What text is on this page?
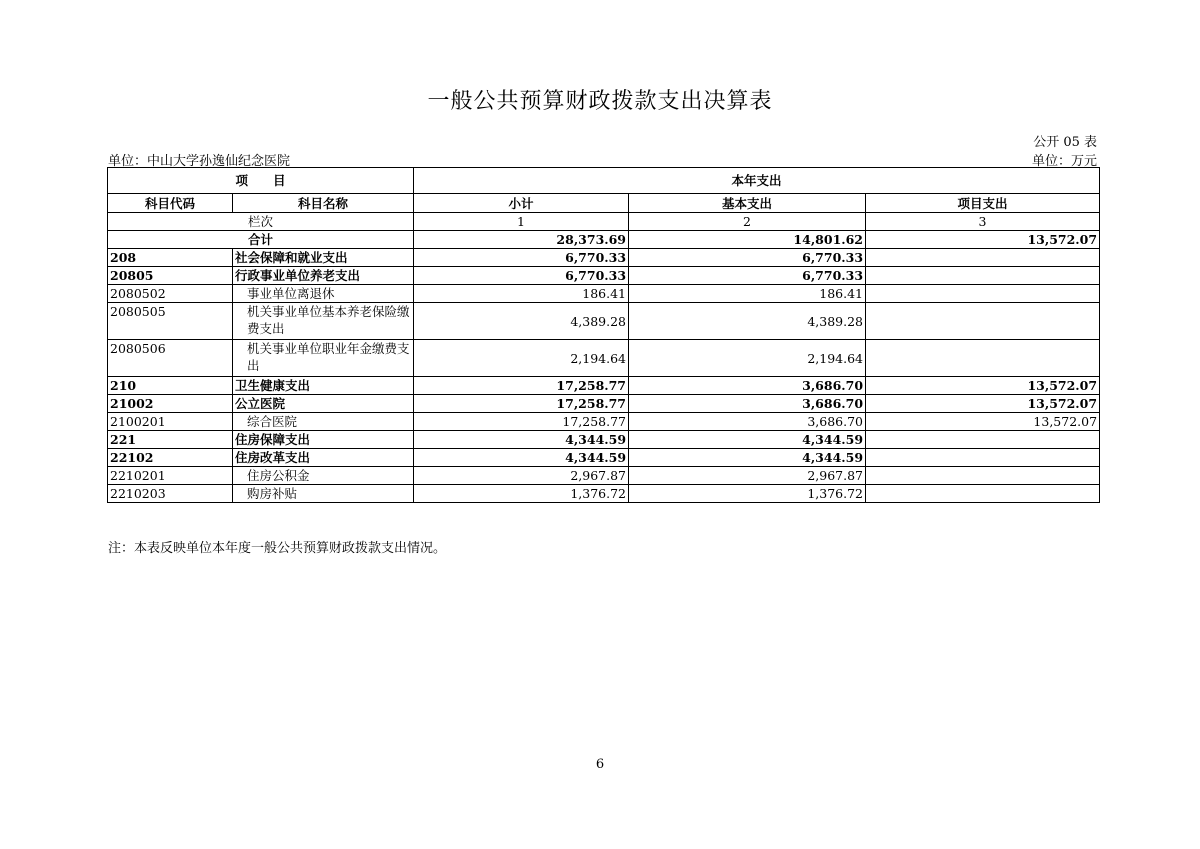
一般公共预算财政拨款支出决算表
公开 05 表
单位：中山大学孙逸仙纪念医院	单位：万元
项　　目		本年支出		
科目代码	科目名称	小计	基本支出	项目支出
栏次		1	2	3
合计		28,373.69	14,801.62	13,572.07
208	社会保障和就业支出	6,770.33	6,770.33	
20805	行政事业单位养老支出	6,770.33	6,770.33	
2080502	事业单位离退休	186.41	186.41	
2080505	机关事业单位基本养老保险缴费支出	4,389.28	4,389.28	
2080506	机关事业单位职业年金缴费支出	2,194.64	2,194.64	
210	卫生健康支出	17,258.77	3,686.70	13,572.07
21002	公立医院	17,258.77	3,686.70	13,572.07
2100201	综合医院	17,258.77	3,686.70	13,572.07
221	住房保障支出	4,344.59	4,344.59	
22102	住房改革支出	4,344.59	4,344.59	
2210201	住房公积金	2,967.87	2,967.87	
2210203	购房补贴	1,376.72	1,376.72	
注：本表反映单位本年度一般公共预算财政拨款支出情况。
6
